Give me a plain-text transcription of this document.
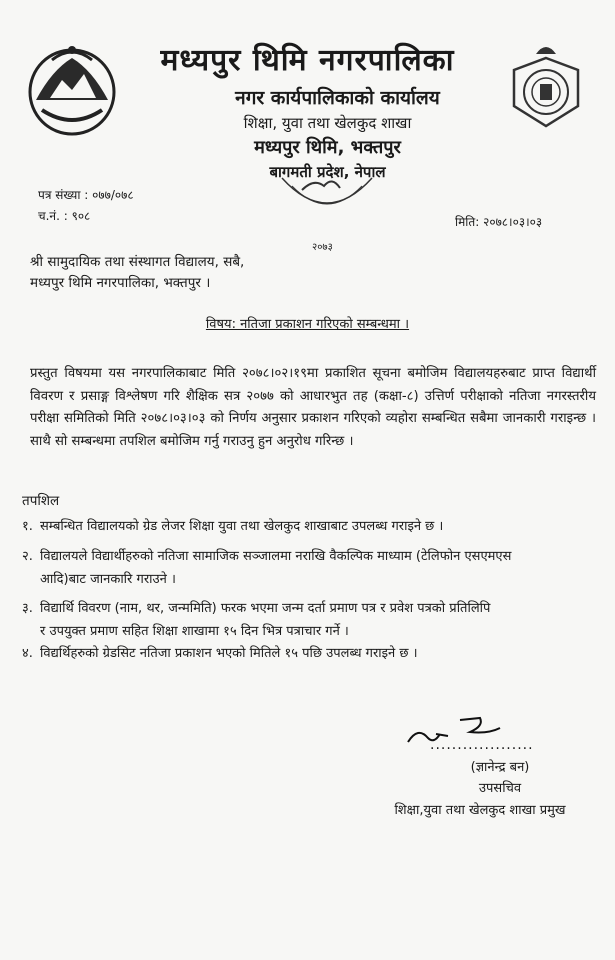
मध्यपुर थिमि नगरपालिका
नगर कार्यपालिकाको कार्यालय
शिक्षा, युवा तथा खेलकुद शाखा
मध्यपुर थिमि, भक्तपुर
बागमती प्रदेश, नेपाल
पत्र संख्या : ०७७/०७८
च.नं. : ९०८	मिति: २०७८।०३।०३
२०७३
श्री सामुदायिक तथा संस्थागत विद्यालय, सबै,
मध्यपुर थिमि नगरपालिका, भक्तपुर ।
विषय: नतिजा प्रकाशन गरिएको सम्बन्धमा ।
प्रस्तुत विषयमा यस नगरपालिकाबाट मिति २०७८।०२।१९मा प्रकाशित सूचना बमोजिम विद्यालयहरुबाट प्राप्त विद्यार्थी विवरण र प्रसाङ्ग विश्लेषण गरि शैक्षिक सत्र २०७७ को आधारभुत तह (कक्षा-८) उत्तिर्ण परीक्षाको नतिजा नगरस्तरीय परीक्षा समितिको मिति २०७८।०३।०३ को निर्णय अनुसार प्रकाशन गरिएको व्यहोरा सम्बन्धित सबैमा जानकारी गराइन्छ । साथै सो सम्बन्धमा तपशिल बमोजिम गर्नु गराउनु हुन अनुरोध गरिन्छ ।
तपशिल
१. सम्बन्धित विद्यालयको ग्रेड लेजर शिक्षा युवा तथा खेलकुद शाखाबाट उपलब्ध गराइने छ ।
२. विद्यालयले विद्यार्थीहरुको नतिजा सामाजिक सञ्जालमा नराखि वैकल्पिक माध्याम (टेलिफोन एसएमएस
आदि)बाट जानकारि गराउने ।
३. विद्यार्थि विवरण (नाम, थर, जन्ममिति) फरक भएमा जन्म दर्ता प्रमाण पत्र र प्रवेश पत्रको प्रतिलिपि
र उपयुक्त प्रमाण सहित शिक्षा शाखामा १५ दिन भित्र पत्राचार गर्ने ।
४. विद्यर्थिहरुको ग्रेडसिट नतिजा प्रकाशन भएको मितिले १५ पछि उपलब्ध गराइने छ ।
...................
(ज्ञानेन्द्र बन)
उपसचिव
शिक्षा,युवा तथा खेलकुद शाखा प्रमुख
